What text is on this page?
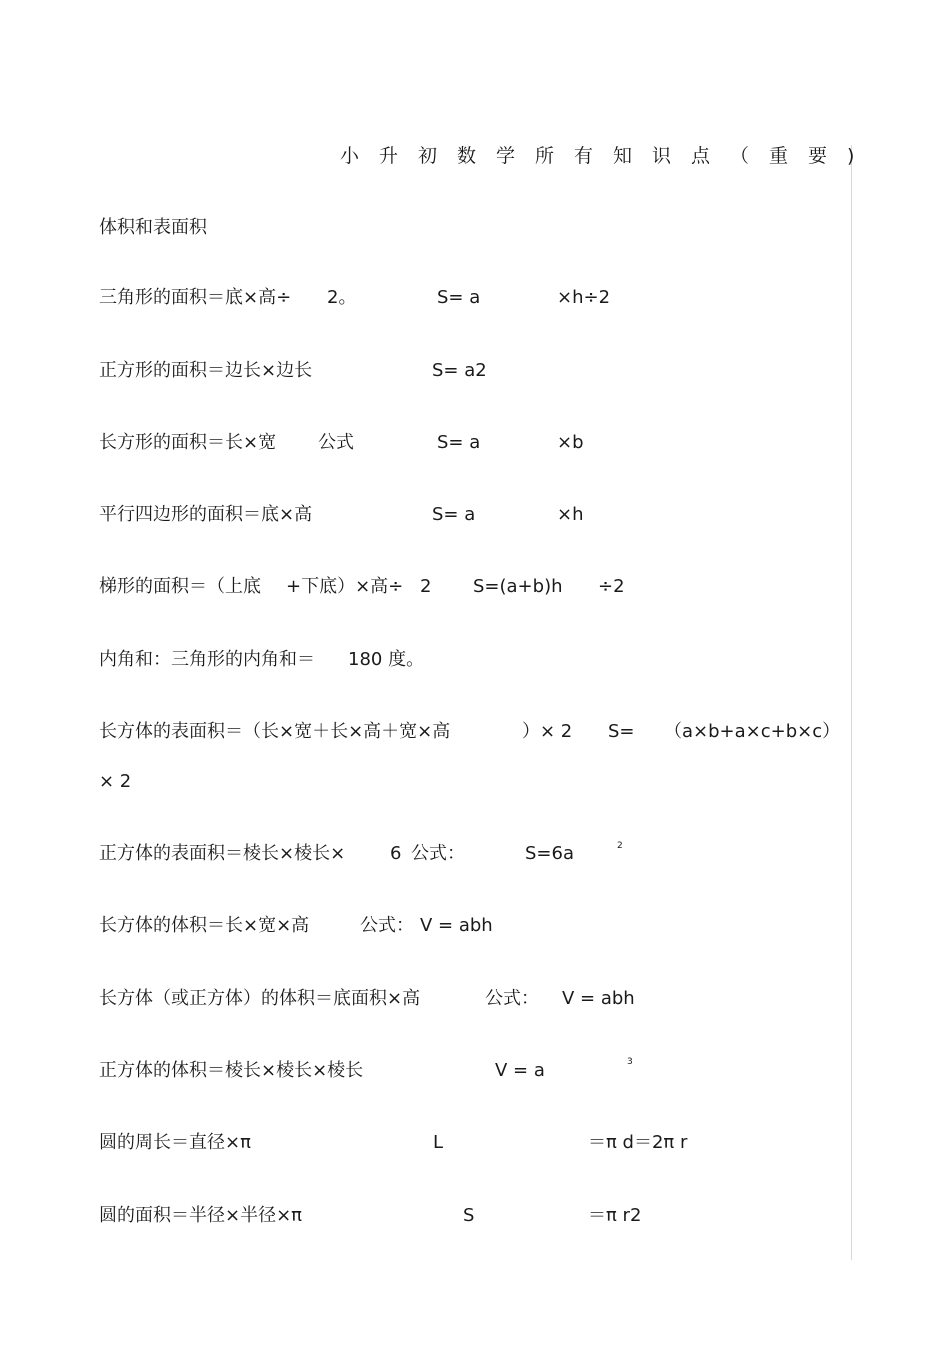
小升初数学所有知识点（重要)
体积和表面积
三角形的面积＝底×高÷ 2。	S= a	×h÷2
正方形的面积＝边长×边长	S= a2
长方形的面积＝长×宽 公式	S= a	×b
平行四边形的面积＝底×高	S= a	×h
梯形的面积＝（上底 +下底）×高÷ 2 S=(a+b)h ÷2
内角和：三角形的内角和＝ 180 度。
长方体的表面积＝（长×宽＋长×高＋宽×高	）× 2 S= （a×b+a×c+b×c）
× 2
正方体的表面积＝棱长×棱长× 6 公式：	S=6a	2
长方体的体积＝长×宽×高	公式： V = abh
长方体（或正方体）的体积＝底面积×高	公式： V = abh
正方体的体积＝棱长×棱长×棱长	V = a	3
圆的周长＝直径×π	L	＝π d＝2π r
圆的面积＝半径×半径×π	S	＝π r2
